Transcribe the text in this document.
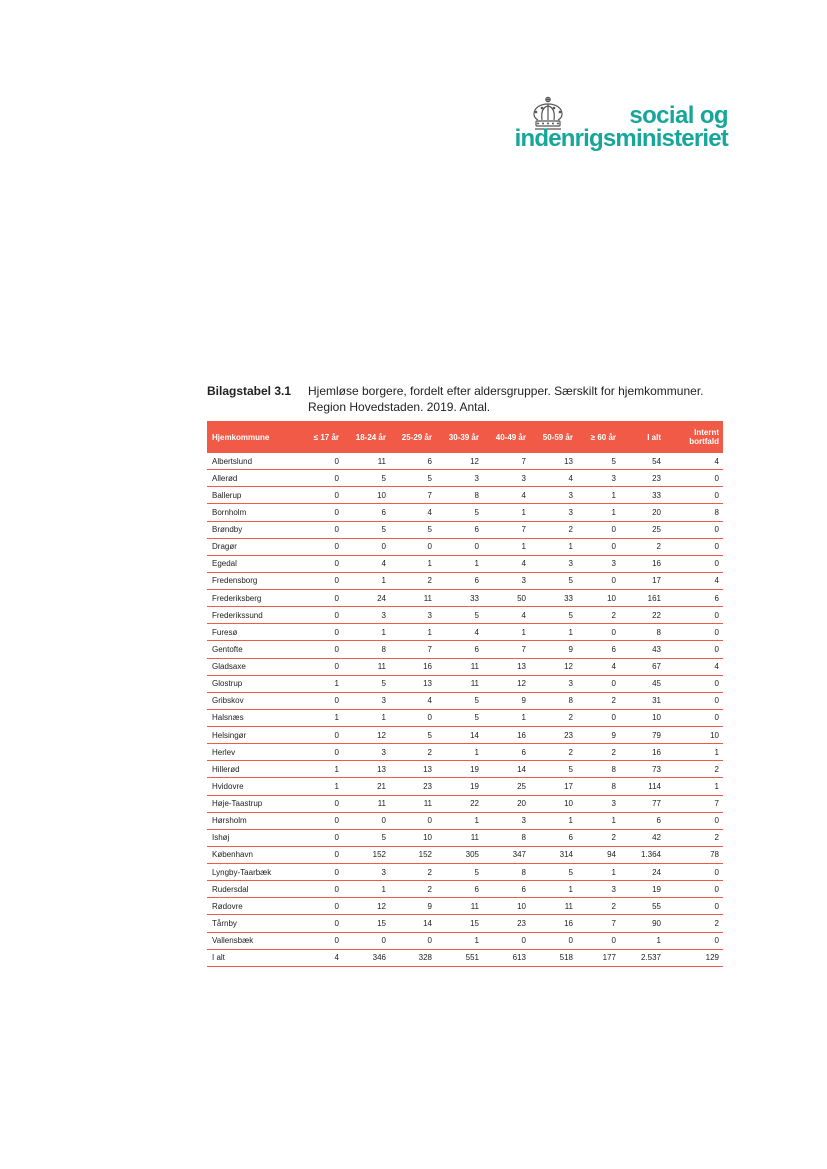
social og
indenrigsministeriet
Bilagstabel 3.1 Hjemløse borgere, fordelt efter aldersgrupper. Særskilt for hjemkommuner. Region Hovedstaden. 2019. Antal.
Hjemkommune	≤ 17 år	18-24 år	25-29 år	30-39 år	40-49 år	50-59 år	≥ 60 år	I alt	Internt bortfald
Albertslund	0	11	6	12	7	13	5	54	4
Allerød	0	5	5	3	3	4	3	23	0
Ballerup	0	10	7	8	4	3	1	33	0
Bornholm	0	6	4	5	1	3	1	20	8
Brøndby	0	5	5	6	7	2	0	25	0
Dragør	0	0	0	0	1	1	0	2	0
Egedal	0	4	1	1	4	3	3	16	0
Fredensborg	0	1	2	6	3	5	0	17	4
Frederiksberg	0	24	11	33	50	33	10	161	6
Frederikssund	0	3	3	5	4	5	2	22	0
Furesø	0	1	1	4	1	1	0	8	0
Gentofte	0	8	7	6	7	9	6	43	0
Gladsaxe	0	11	16	11	13	12	4	67	4
Glostrup	1	5	13	11	12	3	0	45	0
Gribskov	0	3	4	5	9	8	2	31	0
Halsnæs	1	1	0	5	1	2	0	10	0
Helsingør	0	12	5	14	16	23	9	79	10
Herlev	0	3	2	1	6	2	2	16	1
Hillerød	1	13	13	19	14	5	8	73	2
Hvidovre	1	21	23	19	25	17	8	114	1
Høje-Taastrup	0	11	11	22	20	10	3	77	7
Hørsholm	0	0	0	1	3	1	1	6	0
Ishøj	0	5	10	11	8	6	2	42	2
København	0	152	152	305	347	314	94	1.364	78
Lyngby-Taarbæk	0	3	2	5	8	5	1	24	0
Rudersdal	0	1	2	6	6	1	3	19	0
Rødovre	0	12	9	11	10	11	2	55	0
Tårnby	0	15	14	15	23	16	7	90	2
Vallensbæk	0	0	0	1	0	0	0	1	0
I alt	4	346	328	551	613	518	177	2.537	129
